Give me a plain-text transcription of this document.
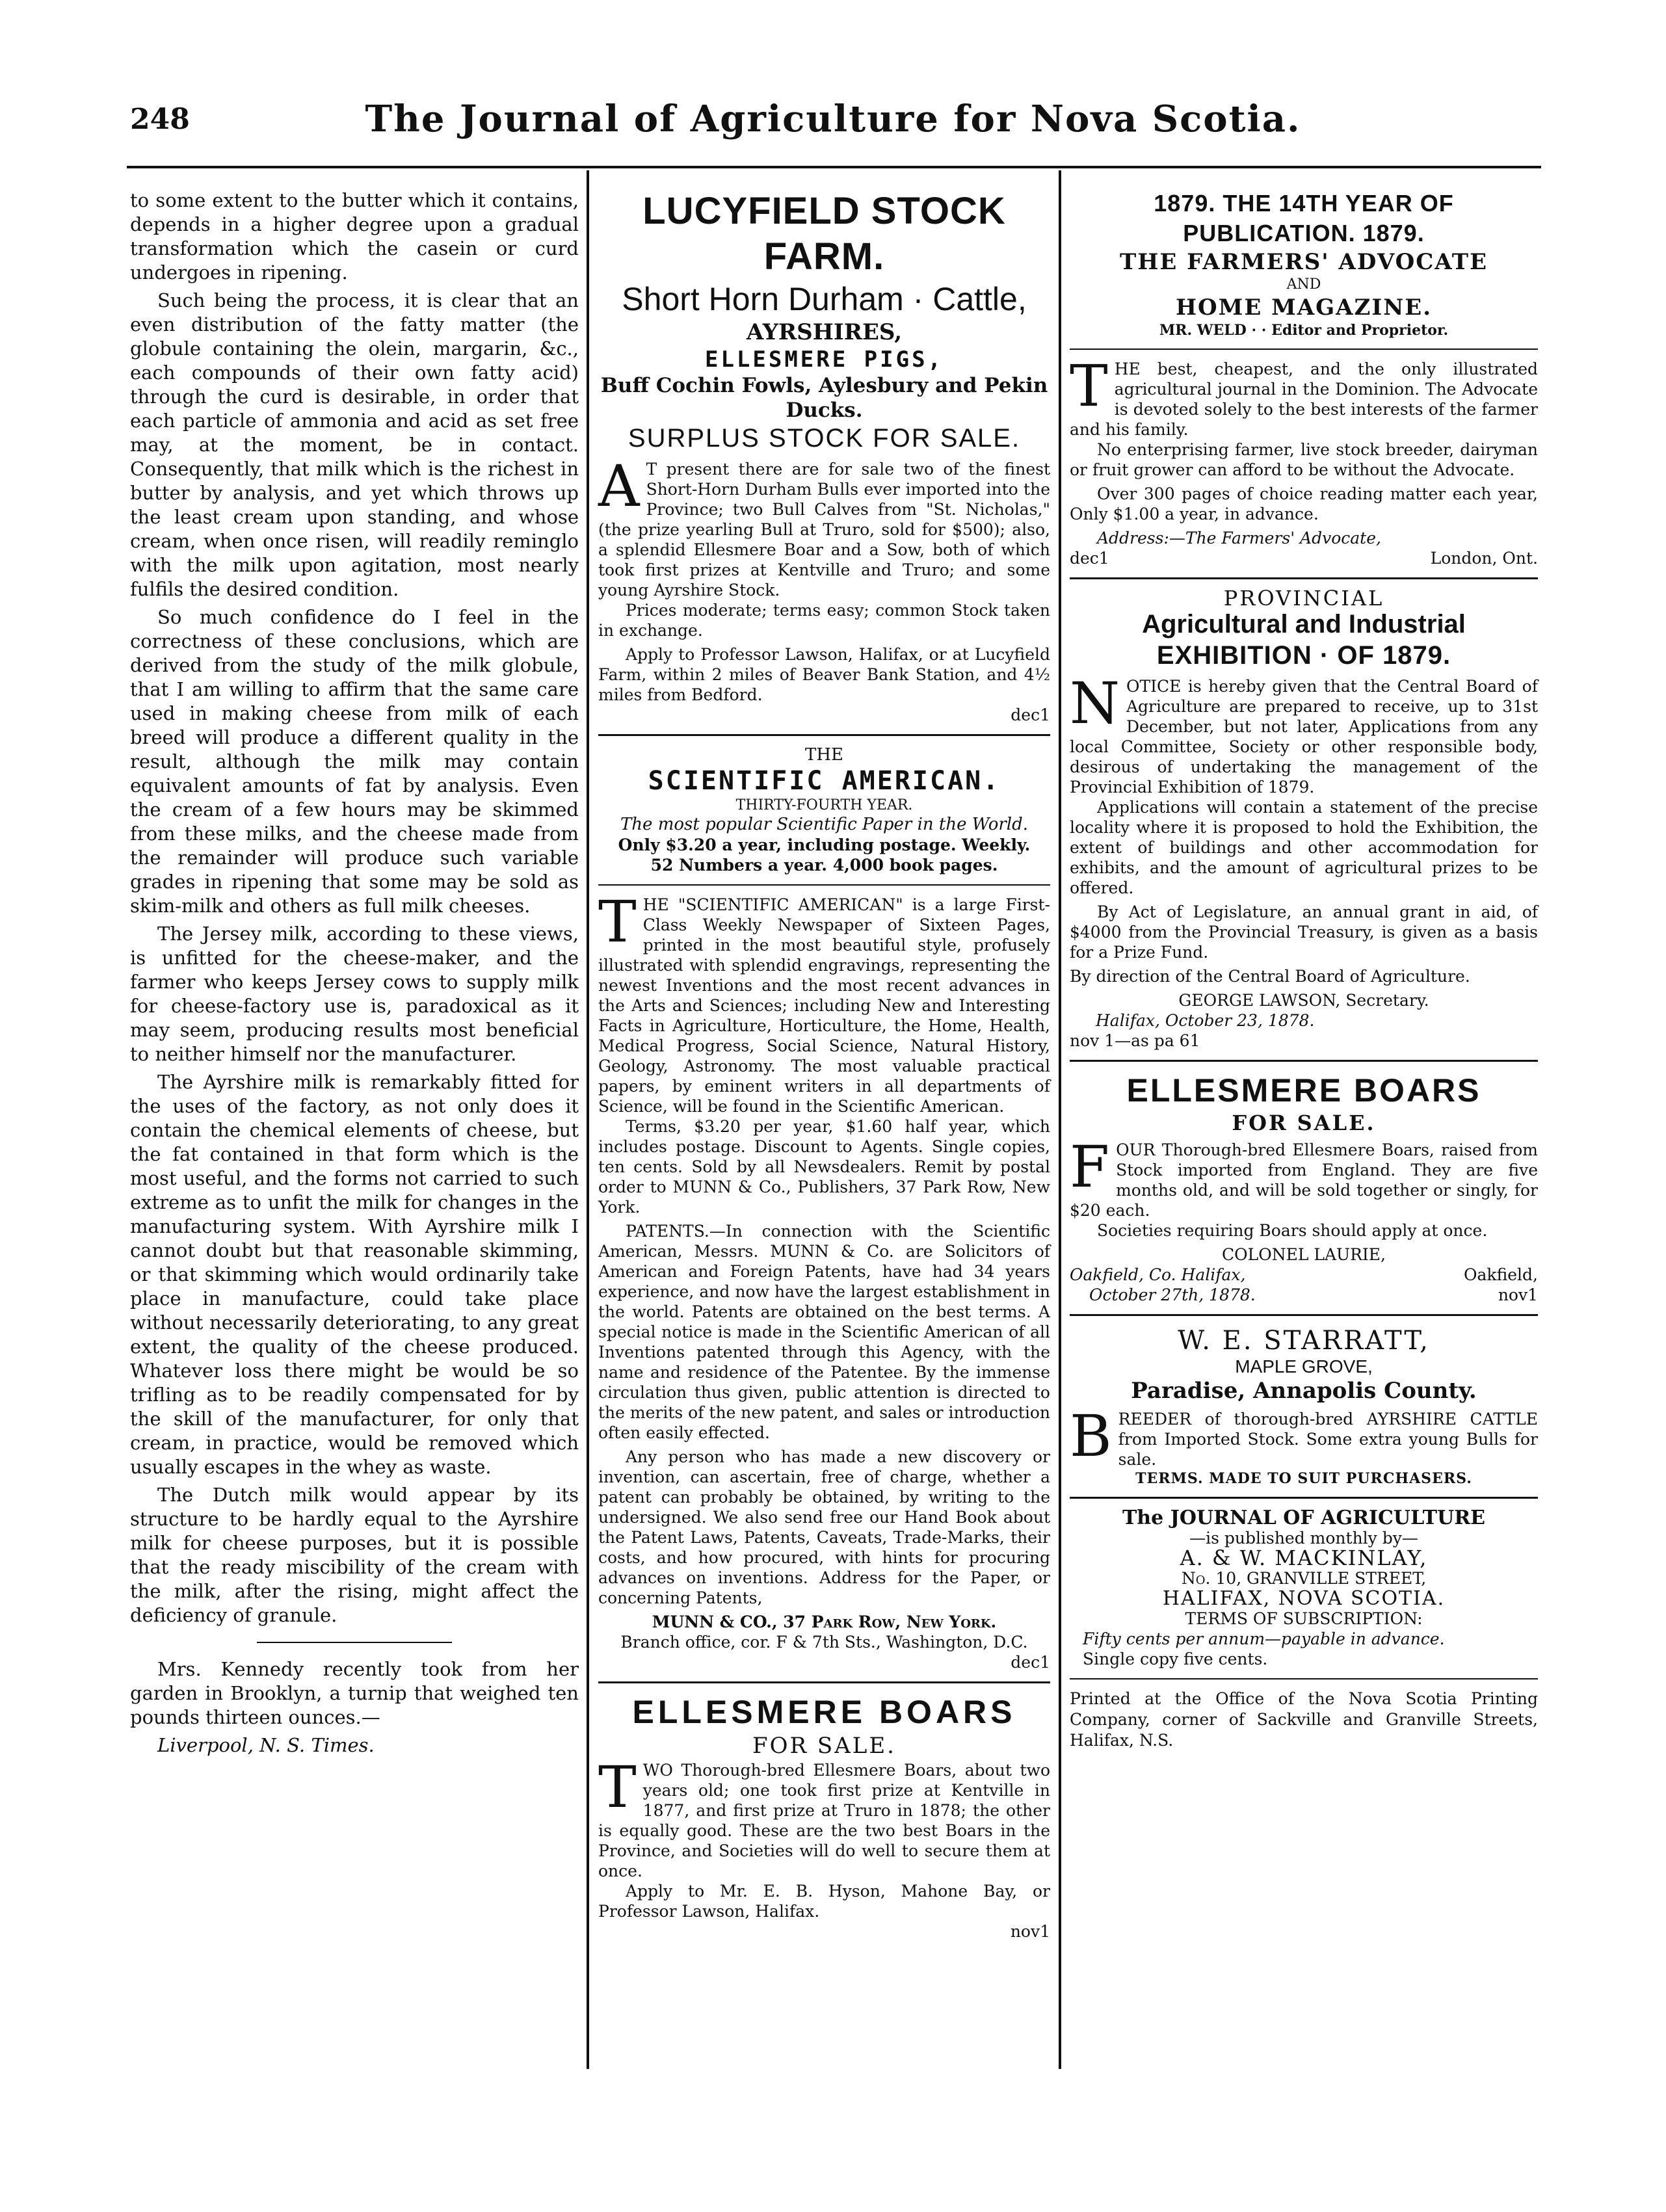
248	The Journal of Agriculture for Nova Scotia.

to some extent to the butter which it contains, depends in a higher degree upon a gradual transformation which the casein or curd undergoes in ripening.

Such being the process, it is clear that an even distribution of the fatty matter (the globule containing the olein, margarin, &c., each compounds of their own fatty acid) through the curd is desirable, in order that each particle of ammonia and acid as set free may, at the moment, be in contact. Consequently, that milk which is the richest in butter by analysis, and yet which throws up the least cream upon standing, and whose cream, when once risen, will readily reminglo with the milk upon agitation, most nearly fulfils the desired condition.

So much confidence do I feel in the correctness of these conclusions, which are derived from the study of the milk globule, that I am willing to affirm that the same care used in making cheese from milk of each breed will produce a different quality in the result, although the milk may contain equivalent amounts of fat by analysis. Even the cream of a few hours may be skimmed from these milks, and the cheese made from the remainder will produce such variable grades in ripening that some may be sold as skim-milk and others as full milk cheeses.

The Jersey milk, according to these views, is unfitted for the cheese-maker, and the farmer who keeps Jersey cows to supply milk for cheese-factory use is, paradoxical as it may seem, producing results most beneficial to neither himself nor the manufacturer.

The Ayrshire milk is remarkably fitted for the uses of the factory, as not only does it contain the chemical elements of cheese, but the fat contained in that form which is the most useful, and the forms not carried to such extreme as to unfit the milk for changes in the manufacturing system. With Ayrshire milk I cannot doubt but that reasonable skimming, or that skimming which would ordinarily take place in manufacture, could take place without necessarily deteriorating, to any great extent, the quality of the cheese produced. Whatever loss there might be would be so trifling as to be readily compensated for by the skill of the manufacturer, for only that cream, in practice, would be removed which usually escapes in the whey as waste.

The Dutch milk would appear by its structure to be hardly equal to the Ayrshire milk for cheese purposes, but it is possible that the ready miscibility of the cream with the milk, after the rising, might affect the deficiency of granule.

Mrs. Kennedy recently took from her garden in Brooklyn, a turnip that weighed ten pounds thirteen ounces.—

Liverpool, N. S. Times.

LUCYFIELD STOCK FARM.
Short Horn Durham · Cattle,
AYRSHIRES,
ELLESMERE PIGS,
Buff Cochin Fowls, Aylesbury and Pekin Ducks.
SURPLUS STOCK FOR SALE.
A T present there are for sale two of the finest Short-Horn Durham Bulls ever imported into the Province; two Bull Calves from "St. Nicholas," (the prize yearling Bull at Truro, sold for $500); also, a splendid Ellesmere Boar and a Sow, both of which took first prizes at Kentville and Truro; and some young Ayrshire Stock.

Prices moderate; terms easy; common Stock taken in exchange.

Apply to Professor Lawson, Halifax, or at Lucyfield Farm, within 2 miles of Beaver Bank Station, and 4½ miles from Bedford.

dec1
THE
SCIENTIFIC AMERICAN.
THIRTY-FOURTH YEAR.
The most popular Scientific Paper in the World.
Only $3.20 a year, including postage. Weekly.
52 Numbers a year. 4,000 book pages.
THE "SCIENTIFIC AMERICAN" is a large First-Class Weekly Newspaper of Sixteen Pages, printed in the most beautiful style, profusely illustrated with splendid engravings, representing the newest Inventions and the most recent advances in the Arts and Sciences; including New and Interesting Facts in Agriculture, Horticulture, the Home, Health, Medical Progress, Social Science, Natural History, Geology, Astronomy. The most valuable practical papers, by eminent writers in all departments of Science, will be found in the Scientific American.

Terms, $3.20 per year, $1.60 half year, which includes postage. Discount to Agents. Single copies, ten cents. Sold by all Newsdealers. Remit by postal order to MUNN & Co., Publishers, 37 Park Row, New York.

PATENTS.—In connection with the Scientific American, Messrs. MUNN & Co. are Solicitors of American and Foreign Patents, have had 34 years experience, and now have the largest establishment in the world. Patents are obtained on the best terms. A special notice is made in the Scientific American of all Inventions patented through this Agency, with the name and residence of the Patentee. By the immense circulation thus given, public attention is directed to the merits of the new patent, and sales or introduction often easily effected.

Any person who has made a new discovery or invention, can ascertain, free of charge, whether a patent can probably be obtained, by writing to the undersigned. We also send free our Hand Book about the Patent Laws, Patents, Caveats, Trade-Marks, their costs, and how procured, with hints for procuring advances on inventions. Address for the Paper, or concerning Patents,

MUNN & CO., 37 Park Row, New York.
Branch office, cor. F & 7th Sts., Washington, D.C.
dec1
ELLESMERE BOARS
FOR SALE.
TWO Thorough-bred Ellesmere Boars, about two years old; one took first prize at Kentville in 1877, and first prize at Truro in 1878; the other is equally good. These are the two best Boars in the Province, and Societies will do well to secure them at once.

Apply to Mr. E. B. Hyson, Mahone Bay, or Professor Lawson, Halifax.

nov1
1879. THE 14TH YEAR OF PUBLICATION. 1879.
THE FARMERS' ADVOCATE
AND
HOME MAGAZINE.
MR. WELD · · Editor and Proprietor.
THE best, cheapest, and the only illustrated agricultural journal in the Dominion. The Advocate is devoted solely to the best interests of the farmer and his family.

No enterprising farmer, live stock breeder, dairyman or fruit grower can afford to be without the Advocate.

Over 300 pages of choice reading matter each year, Only $1.00 a year, in advance.

Address:—The Farmers' Advocate,

dec1	London, Ont.
PROVINCIAL
Agricultural and Industrial
EXHIBITION · OF 1879.
NOTICE is hereby given that the Central Board of Agriculture are prepared to receive, up to 31st December, but not later, Applications from any local Committee, Society or other responsible body, desirous of undertaking the management of the Provincial Exhibition of 1879.

Applications will contain a statement of the precise locality where it is proposed to hold the Exhibition, the extent of buildings and other accommodation for exhibits, and the amount of agricultural prizes to be offered.

By Act of Legislature, an annual grant in aid, of $4000 from the Provincial Treasury, is given as a basis for a Prize Fund.

By direction of the Central Board of Agriculture.

GEORGE LAWSON, Secretary.
Halifax, October 23, 1878.
nov 1—as pa 61
ELLESMERE BOARS
FOR SALE.
FOUR Thorough-bred Ellesmere Boars, raised from Stock imported from England. They are five months old, and will be sold together or singly, for $20 each.

Societies requiring Boars should apply at once.

COLONEL LAURIE,
Oakfield, Co. Halifax,	Oakfield,
October 27th, 1878.	nov1
W. E. STARRATT,
MAPLE GROVE,
Paradise, Annapolis County.
BREEDER of thorough-bred AYRSHIRE CATTLE from Imported Stock. Some extra young Bulls for sale.
TERMS. MADE TO SUIT PURCHASERS.
The JOURNAL OF AGRICULTURE
—is published monthly by—
A. & W. MACKINLAY,
No. 10, GRANVILLE STREET,
HALIFAX, NOVA SCOTIA.
TERMS OF SUBSCRIPTION:
Fifty cents per annum—payable in advance.
Single copy five cents.
Printed at the Office of the Nova Scotia Printing Company, corner of Sackville and Granville Streets, Halifax, N.S.
